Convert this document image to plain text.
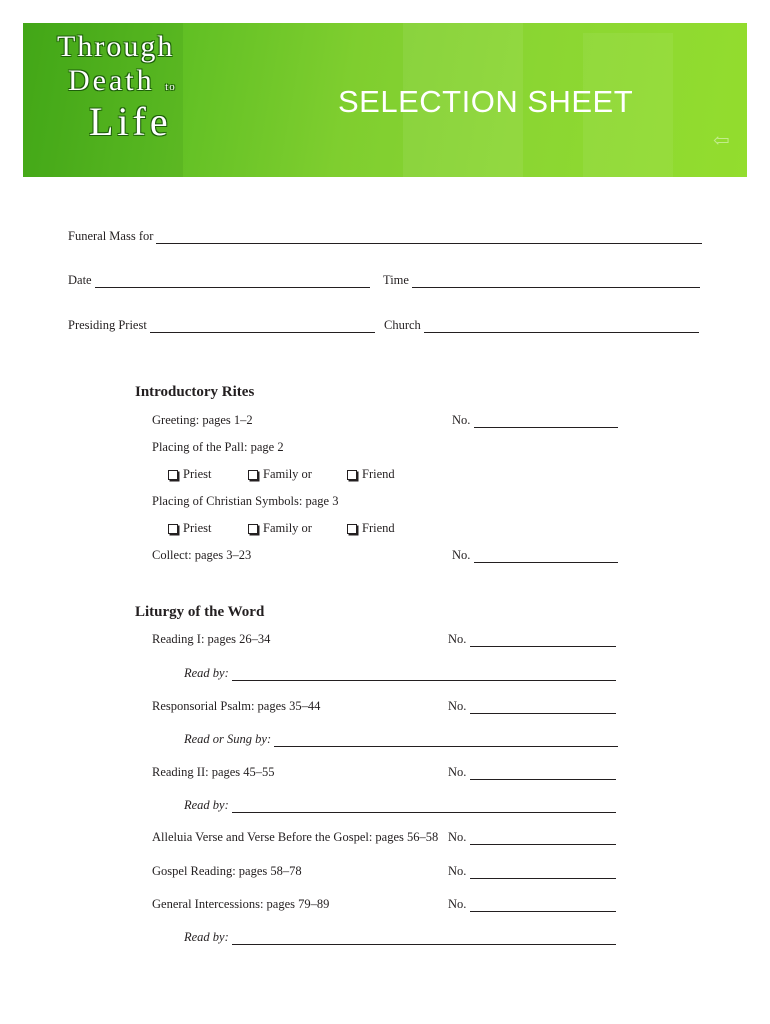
⇦
Through
Death to
Life	SELECTION SHEET
Funeral Mass for
Date	Time
Presiding Priest	Church
Introductory Rites
Greeting: pages 1–2	No.
Placing of the Pall: page 2
Priest	Family or	Friend
Placing of Christian Symbols: page 3
Priest	Family or	Friend
Collect: pages 3–23	No.
Liturgy of the Word
Reading I: pages 26–34	No.
Read by:
Responsorial Psalm: pages 35–44	No.
Read or Sung by:
Reading II: pages 45–55	No.
Read by:
Alleluia Verse and Verse Before the Gospel: pages 56–58 No.
Gospel Reading: pages 58–78	No.
General Intercessions: pages 79–89	No.
Read by:
